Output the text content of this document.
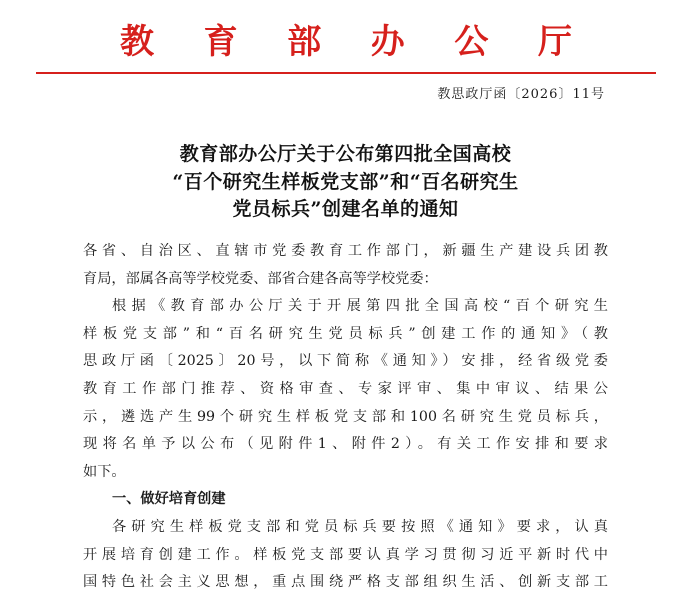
教 育 部 办 公 厅
教思政厅函〔2026〕11号
教育部办公厅关于公布第四批全国高校
“百个研究生样板党支部”和“百名研究生
党员标兵”创建名单的通知
各省、自治区、直辖市党委教育工作部门，新疆生产建设兵团教
育局，部属各高等学校党委、部省合建各高等学校党委：
根据《教育部办公厅关于开展第四批全国高校“百个研究生
样板党支部”和“百名研究生党员标兵”创建工作的通知》（教
思政厅函〔2025〕20号，以下简称《通知》）安排，经省级党委
教育工作部门推荐、资格审查、专家评审、集中审议、结果公
示，遴选产生99个研究生样板党支部和100名研究生党员标兵，
现将名单予以公布（见附件1、附件2）。有关工作安排和要求
如下。
一、做好培育创建
各研究生样板党支部和党员标兵要按照《通知》要求，认真
开展培育创建工作。样板党支部要认真学习贯彻习近平新时代中
国特色社会主义思想，重点围绕严格支部组织生活、创新支部工
